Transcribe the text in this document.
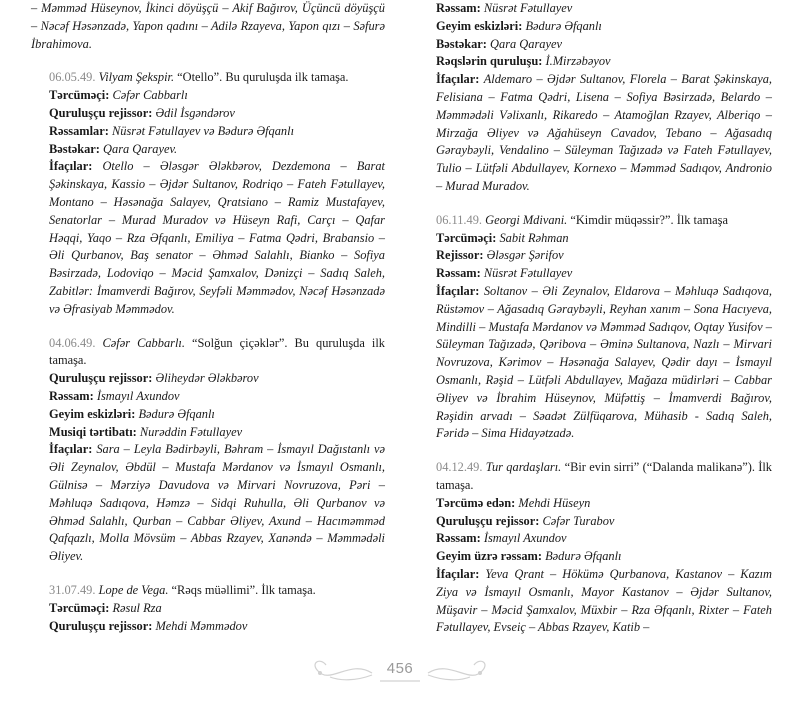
– Məmməd Hüseynov, İkinci döyüşçü – Akif Bağırov, Üçüncü döyüşçü – Nəcəf Həsənzadə, Yapon qadını – Adilə Rzayeva, Yapon qızı – Səfurə İbrahimova.

06.05.49. Vilyam Şekspir. “Otello”. Bu quruluşda ilk tamaşa.

Tərcüməçi: Cəfər Cabbarlı

Quruluşçu rejissor: Ədil İsgəndərov

Rəssamlar: Nüsrət Fətullayev və Bədurə Əfqanlı

Bəstəkar: Qara Qarayev.

İfaçılar: Otello – Ələsgər Ələkbərov, Dezdemona – Barat Şəkinskaya, Kassio – Əjdər Sultanov, Rodriqo – Fateh Fətullayev, Montano – Həsənağa Salayev, Qratsiano – Ramiz Mustafayev, Senatorlar – Murad Muradov və Hüseyn Rafi, Carçı – Qafar Həqqi, Yaqo – Rza Əfqanlı, Emiliya – Fatma Qədri, Brabansio – Əli Qurbanov, Baş senator – Əhməd Salahlı, Bianko – Sofiya Bəsirzadə, Lodoviqo – Məcid Şamxalov, Dənizçi – Sadıq Saleh, Zabitlər: İmamverdi Bağırov, Seyfəli Məmmədov, Nəcəf Həsənzadə və Əfrasiyab Məmmədov.

04.06.49. Cəfər Cabbarlı. “Solğun çiçəklər”. Bu quruluşda ilk tamaşa.

Quruluşçu rejissor: Əliheydər Ələkbərov

Rəssam: İsmayıl Axundov

Geyim eskizləri: Bədurə Əfqanlı

Musiqi tərtibatı: Nurəddin Fətullayev

İfaçılar: Sara – Leyla Bədirbəyli, Bəhram – İsmayıl Dağıstanlı və Əli Zeynalov, Əbdül – Mustafa Mərdanov və İsmayıl Osmanlı, Gülnisə – Mərziyə Davudova və Mirvari Novruzova, Pəri – Məhluqə Sadıqova, Həmzə – Sidqi Ruhulla, Əli Qurbanov və Əhməd Salahlı, Qurban – Cabbar Əliyev, Axund – Hacıməmməd Qafqazlı, Molla Mövsüm – Abbas Rzayev, Xanəndə – Məmmədəli Əliyev.

31.07.49. Lope de Vega. “Rəqs müəllimi”. İlk tamaşa.

Tərcüməçi: Rəsul Rza

Quruluşçu rejissor: Mehdi Məmmədov

Rəssam: Nüsrət Fətullayev

Geyim eskizləri: Bədurə Əfqanlı

Bəstəkar: Qara Qarayev

Rəqslərin quruluşu: İ.Mirzəbəyov

İfaçılar: Aldemaro – Əjdər Sultanov, Florela – Barat Şəkinskaya, Felisiana – Fatma Qədri, Lisena – Sofiya Bəsirzadə, Belardo – Məmmədəli Vəlixanlı, Rikaredo – Atamoğlan Rzayev, Alberiqo – Mirzağa Əliyev və Ağahüseyn Cavadov, Tebano – Ağasadıq Gəraybəyli, Vendalino – Süleyman Tağızadə və Fateh Fətullayev, Tulio – Lütfəli Abdullayev, Kornexo – Məmməd Sadıqov, Andronio – Murad Muradov.

06.11.49. Georgi Mdivani. “Kimdir müqəssir?”. İlk tamaşa

Tərcüməçi: Sabit Rəhman

Rejissor: Ələsgər Şərifov

Rəssam: Nüsrət Fətullayev

İfaçılar: Soltanov – Əli Zeynalov, Eldarova – Məhluqə Sadıqova, Rüstəmov – Ağasadıq Gəraybəyli, Reyhan xanım – Sona Hacıyeva, Mindilli – Mustafa Mərdanov və Məmməd Sadıqov, Oqtay Yusifov – Süleyman Tağızadə, Qəribova – Əminə Sultanova, Nazlı – Mirvari Novruzova, Kərimov – Həsənağa Salayev, Qədir dayı – İsmayıl Osmanlı, Rəşid – Lütfəli Abdullayev, Mağaza müdirləri – Cabbar Əliyev və İbrahim Hüseynov, Müfəttiş – İmamverdi Bağırov, Rəşidin arvadı – Səadət Zülfüqarova, Mühasib - Sadıq Saleh, Fəridə – Sima Hidayətzadə.

04.12.49. Tur qardaşları. “Bir evin sirri” (“Dalanda malikanə”). İlk tamaşa.

Tərcümə edən: Mehdi Hüseyn

Quruluşçu rejissor: Cəfər Turabov

Rəssam: İsmayıl Axundov

Geyim üzrə rəssam: Bədurə Əfqanlı

İfaçılar: Yeva Qrant – Hökümə Qurbanova, Kastanov – Kazım Ziya və İsmayıl Osmanlı, Mayor Kastanov – Əjdər Sultanov, Müşavir – Məcid Şamxalov, Müxbir – Rza Əfqanlı, Rixter – Fateh Fətullayev, Evseiç – Abbas Rzayev, Katib –

456
